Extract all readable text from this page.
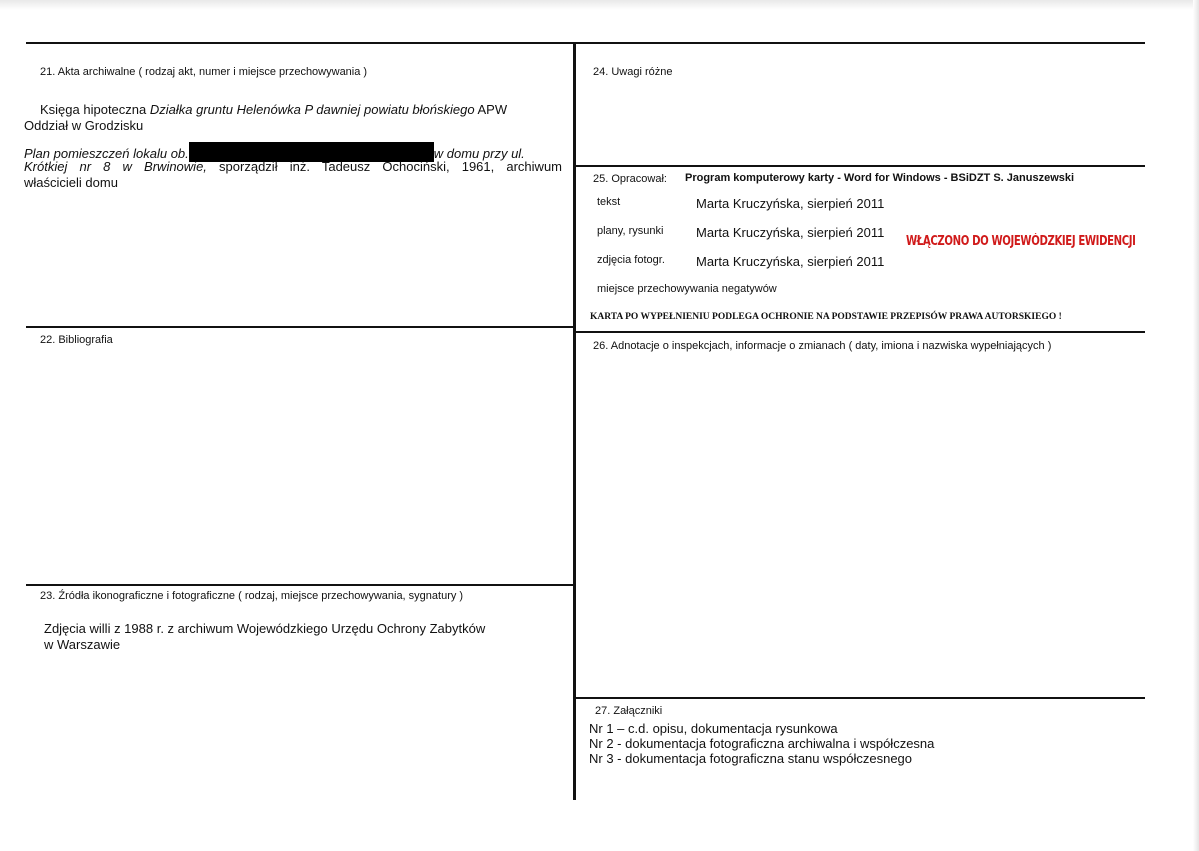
21. Akta archiwalne ( rodzaj akt, numer i miejsce przechowywania )
Księga hipoteczna Działka gruntu Helenówka P dawniej powiatu błońskiego APW
Oddział w Grodzisku
Plan pomieszczeń lokalu ob.	w domu przy ul.
Krótkiej nr 8 w Brwinowie, sporządził inż. Tadeusz Ochociński, 1961, archiwum
właścicieli domu
22. Bibliografia
23. Źródła ikonograficzne i fotograficzne ( rodzaj, miejsce przechowywania, sygnatury )
Zdjęcia willi z 1988 r. z archiwum Wojewódzkiego Urzędu Ochrony Zabytków
w Warszawie
24. Uwagi różne
25. Opracował: Program komputerowy karty - Word for Windows - BSiDZT S. Januszewski
tekst	Marta Kruczyńska, sierpień 2011
plany, rysunki	Marta Kruczyńska, sierpień 2011
zdjęcia fotogr. Marta Kruczyńska, sierpień 2011
miejsce przechowywania negatywów
WŁĄCZONO DO WOJEWÓDZKIEJ EWIDENCJI
KARTA PO WYPEŁNIENIU PODLEGA OCHRONIE NA PODSTAWIE PRZEPISÓW PRAWA AUTORSKIEGO !
26. Adnotacje o inspekcjach, informacje o zmianach ( daty, imiona i nazwiska wypełniających )
27. Załączniki
Nr 1 – c.d. opisu, dokumentacja rysunkowa
Nr 2 - dokumentacja fotograficzna archiwalna i współczesna
Nr 3 - dokumentacja fotograficzna stanu współczesnego
